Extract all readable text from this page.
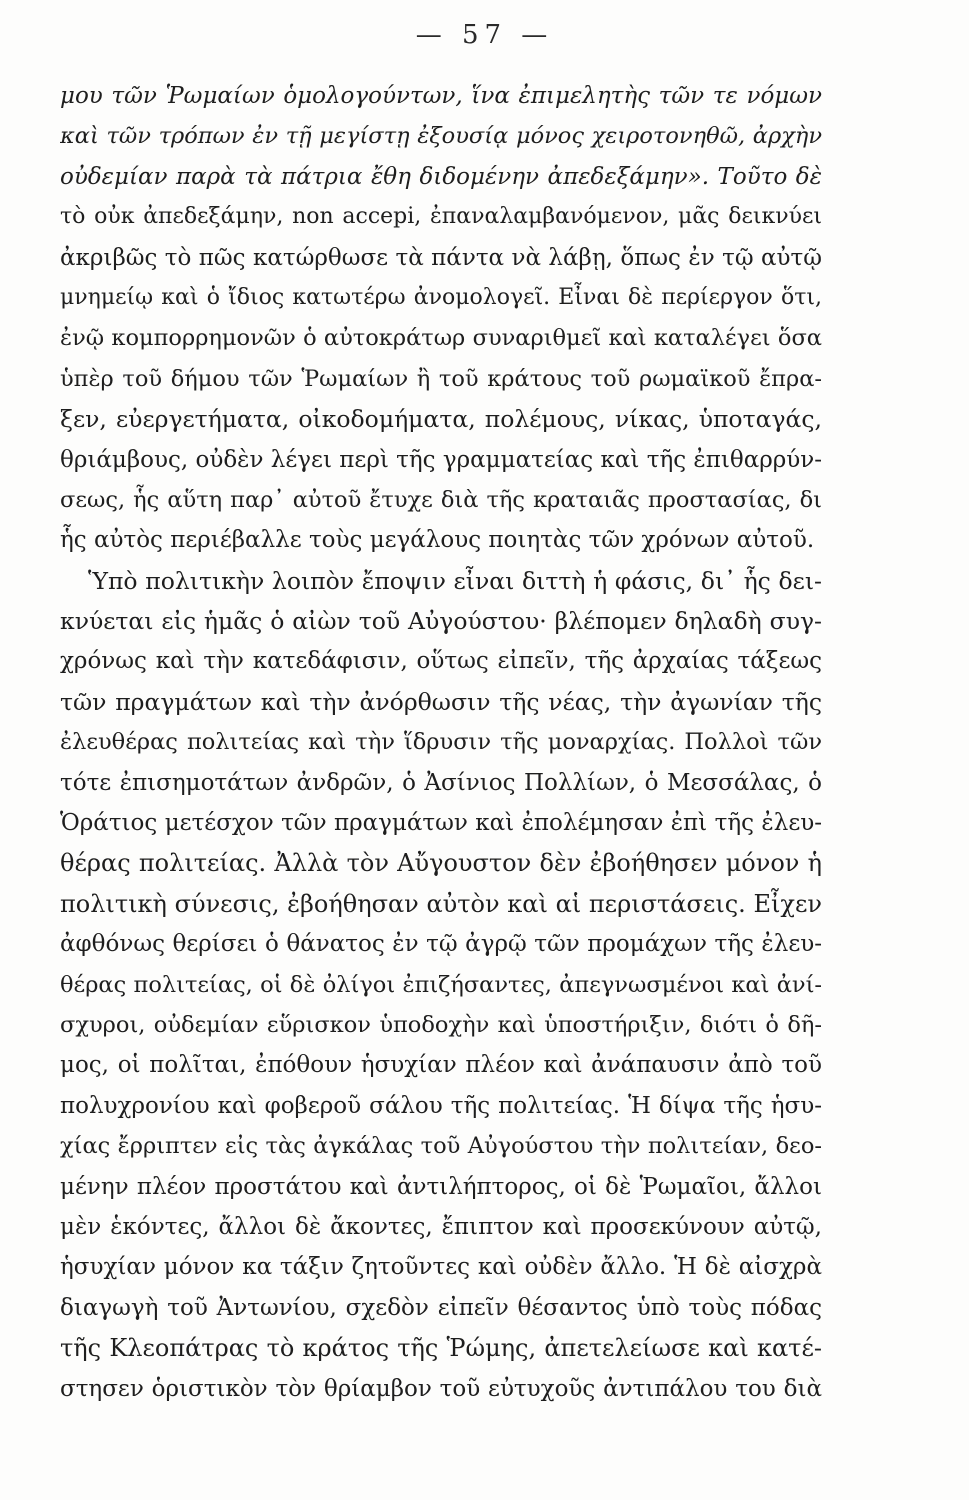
— 57 —
μου τῶν Ῥωμαίων ὁμολογούντων, ἵνα ἐπιμελητὴς τῶν τε νόμων
καὶ τῶν τρόπων ἐν τῇ μεγίστῃ ἐξουσίᾳ μόνος χειροτονηθῶ, ἀρχὴν
οὐδεμίαν παρὰ τὰ πάτρια ἔθη διδομένην ἀπεδεξάμην». Τοῦτο δὲ
τὸ οὐκ ἀπεδεξάμην, non accepi, ἐπαναλαμβανόμενον, μᾶς δεικνύει
ἀκριβῶς τὸ πῶς κατώρθωσε τὰ πάντα νὰ λάβῃ, ὅπως ἐν τῷ αὐτῷ
μνημείῳ καὶ ὁ ἴδιος κατωτέρω ἀνομολογεῖ. Εἶναι δὲ περίεργον ὅτι,
ἐνῷ κομπορρημονῶν ὁ αὐτοκράτωρ συναριθμεῖ καὶ καταλέγει ὅσα
ὑπὲρ τοῦ δήμου τῶν Ῥωμαίων ἢ τοῦ κράτους τοῦ ρωμαϊκοῦ ἔπρα-
ξεν, εὐεργετήματα, οἰκοδομήματα, πολέμους, νίκας, ὑποταγάς,
θριάμβους, οὐδὲν λέγει περὶ τῆς γραμματείας καὶ τῆς ἐπιθαρρύν-
σεως, ἧς αὕτη παρ᾽ αὐτοῦ ἔτυχε διὰ τῆς κραταιᾶς προστασίας, δι
ἧς αὐτὸς περιέβαλλε τοὺς μεγάλους ποιητὰς τῶν χρόνων αὐτοῦ.
Ὑπὸ πολιτικὴν λοιπὸν ἔποψιν εἶναι διττὴ ἡ φάσις, δι᾽ ἧς δει-
κνύεται εἰς ἡμᾶς ὁ αἰὼν τοῦ Αὐγούστου· βλέπομεν δηλαδὴ συγ-
χρόνως καὶ τὴν κατεδάφισιν, οὕτως εἰπεῖν, τῆς ἀρχαίας τάξεως
τῶν πραγμάτων καὶ τὴν ἀνόρθωσιν τῆς νέας, τὴν ἀγωνίαν τῆς
ἐλευθέρας πολιτείας καὶ τὴν ἵδρυσιν τῆς μοναρχίας. Πολλοὶ τῶν
τότε ἐπισημοτάτων ἀνδρῶν, ὁ Ἀσίνιος Πολλίων, ὁ Μεσσάλας, ὁ
Ὁράτιος μετέσχον τῶν πραγμάτων καὶ ἐπολέμησαν ἐπὶ τῆς ἐλευ-
θέρας πολιτείας. Ἀλλὰ τὸν Αὔγουστον δὲν ἐβοήθησεν μόνον ἡ
πολιτικὴ σύνεσις, ἐβοήθησαν αὐτὸν καὶ αἱ περιστάσεις. Εἶχεν
ἀφθόνως θερίσει ὁ θάνατος ἐν τῷ ἀγρῷ τῶν προμάχων τῆς ἐλευ-
θέρας πολιτείας, οἱ δὲ ὀλίγοι ἐπιζήσαντες, ἀπεγνωσμένοι καὶ ἀνί-
σχυροι, οὐδεμίαν εὕρισκον ὑποδοχὴν καὶ ὑποστήριξιν, διότι ὁ δῆ-
μος, οἱ πολῖται, ἐπόθουν ἡσυχίαν πλέον καὶ ἀνάπαυσιν ἀπὸ τοῦ
πολυχρονίου καὶ φοβεροῦ σάλου τῆς πολιτείας. Ἡ δίψα τῆς ἡσυ-
χίας ἔρριπτεν εἰς τὰς ἀγκάλας τοῦ Αὐγούστου τὴν πολιτείαν, δεο-
μένην πλέον προστάτου καὶ ἀντιλήπτορος, οἱ δὲ Ῥωμαῖοι, ἄλλοι
μὲν ἑκόντες, ἄλλοι δὲ ἄκοντες, ἔπιπτον καὶ προσεκύνουν αὐτῷ,
ἡσυχίαν μόνον κα τάξιν ζητοῦντες καὶ οὐδὲν ἄλλο. Ἡ δὲ αἰσχρὰ
διαγωγὴ τοῦ Ἀντωνίου, σχεδὸν εἰπεῖν θέσαντος ὑπὸ τοὺς πόδας
τῆς Κλεοπάτρας τὸ κράτος τῆς Ῥώμης, ἀπετελείωσε καὶ κατέ-
στησεν ὁριστικὸν τὸν θρίαμβον τοῦ εὐτυχοῦς ἀντιπάλου του διὰ
